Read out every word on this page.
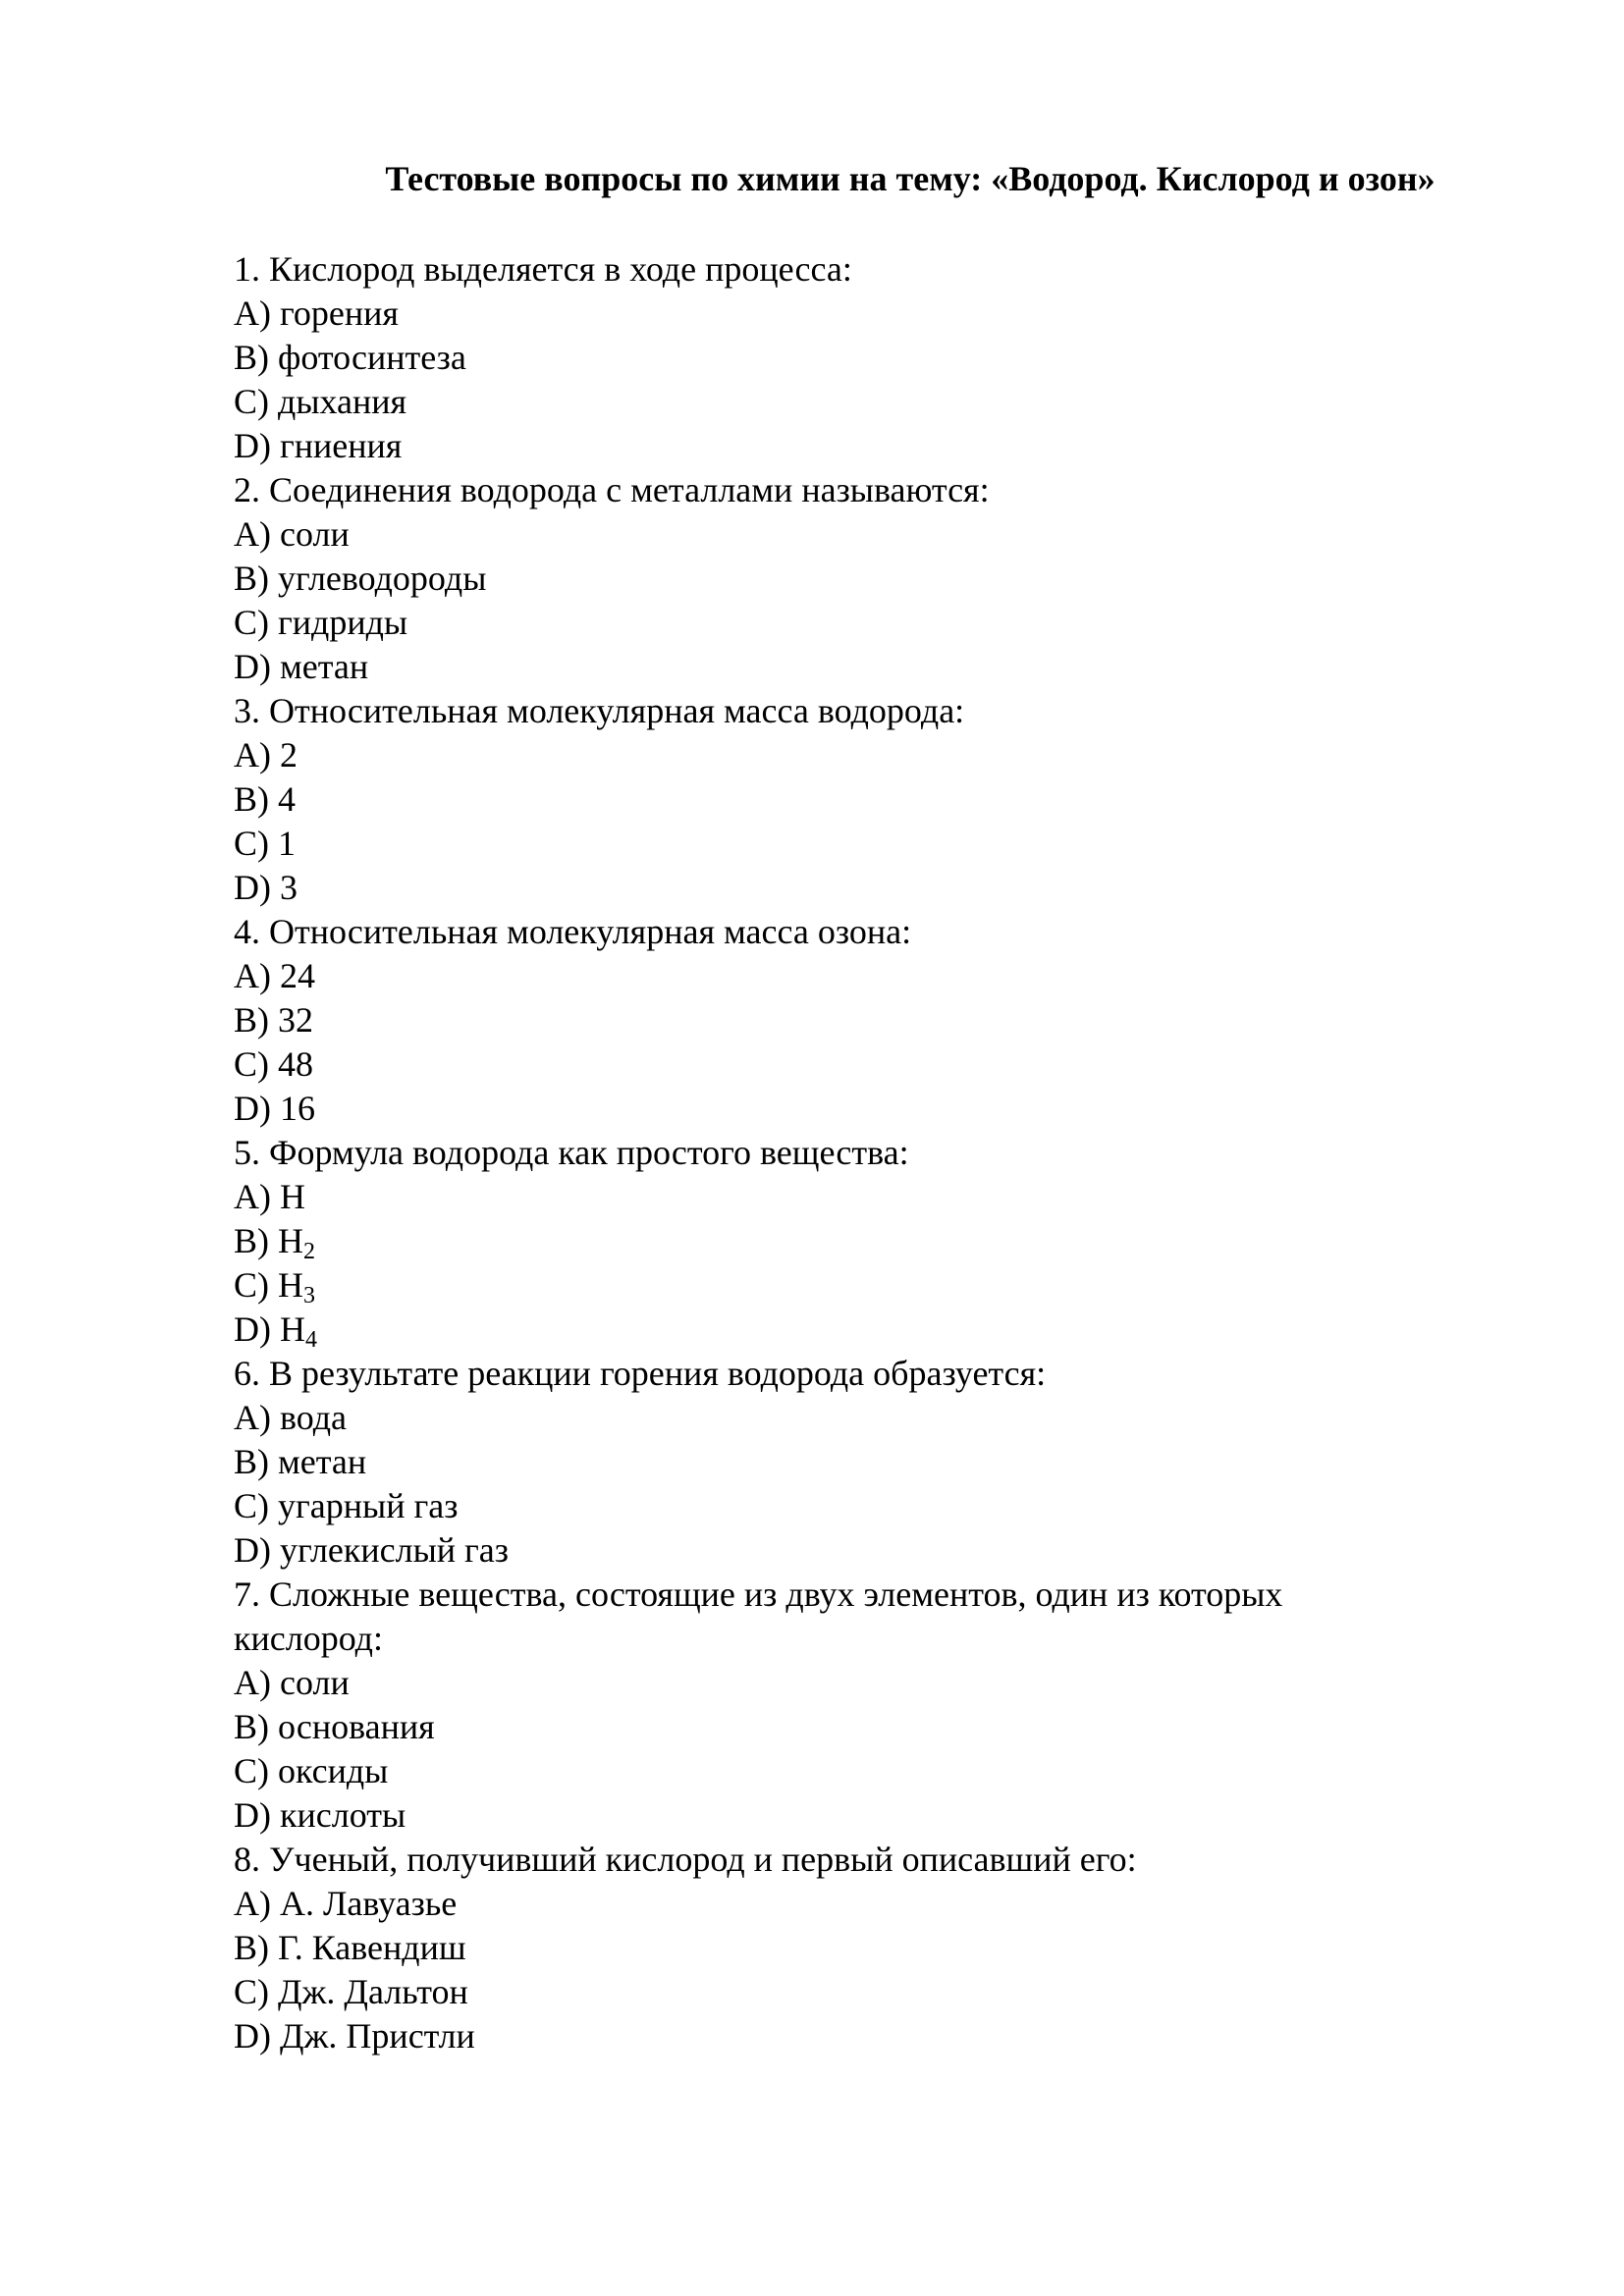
Тестовые вопросы по химии на тему: «Водород. Кислород и озон»

1. Кислород выделяется в ходе процесса:

A) горения

B) фотосинтеза

C) дыхания

D) гниения

2. Соединения водорода с металлами называются:

A) соли

B) углеводороды

C) гидриды

D) метан

3. Относительная молекулярная масса водорода:

A) 2

B) 4

C) 1

D) 3

4. Относительная молекулярная масса озона:

A) 24

B) 32

C) 48

D) 16

5. Формула водорода как простого вещества:

A) H

B) $H_2$

C) $H_3$

D) $H_4$

6. В результате реакции горения водорода образуется:

A) вода

B) метан

C) угарный газ

D) углекислый газ

7. Сложные вещества, состоящие из двух элементов, один из которых кислород:

A) соли

B) основания

C) оксиды

D) кислоты

8. Ученый, получивший кислород и первый описавший его:

A) А. Лавуазье

B) Г. Кавендиш

C) Дж. Дальтон

D) Дж. Пристли
